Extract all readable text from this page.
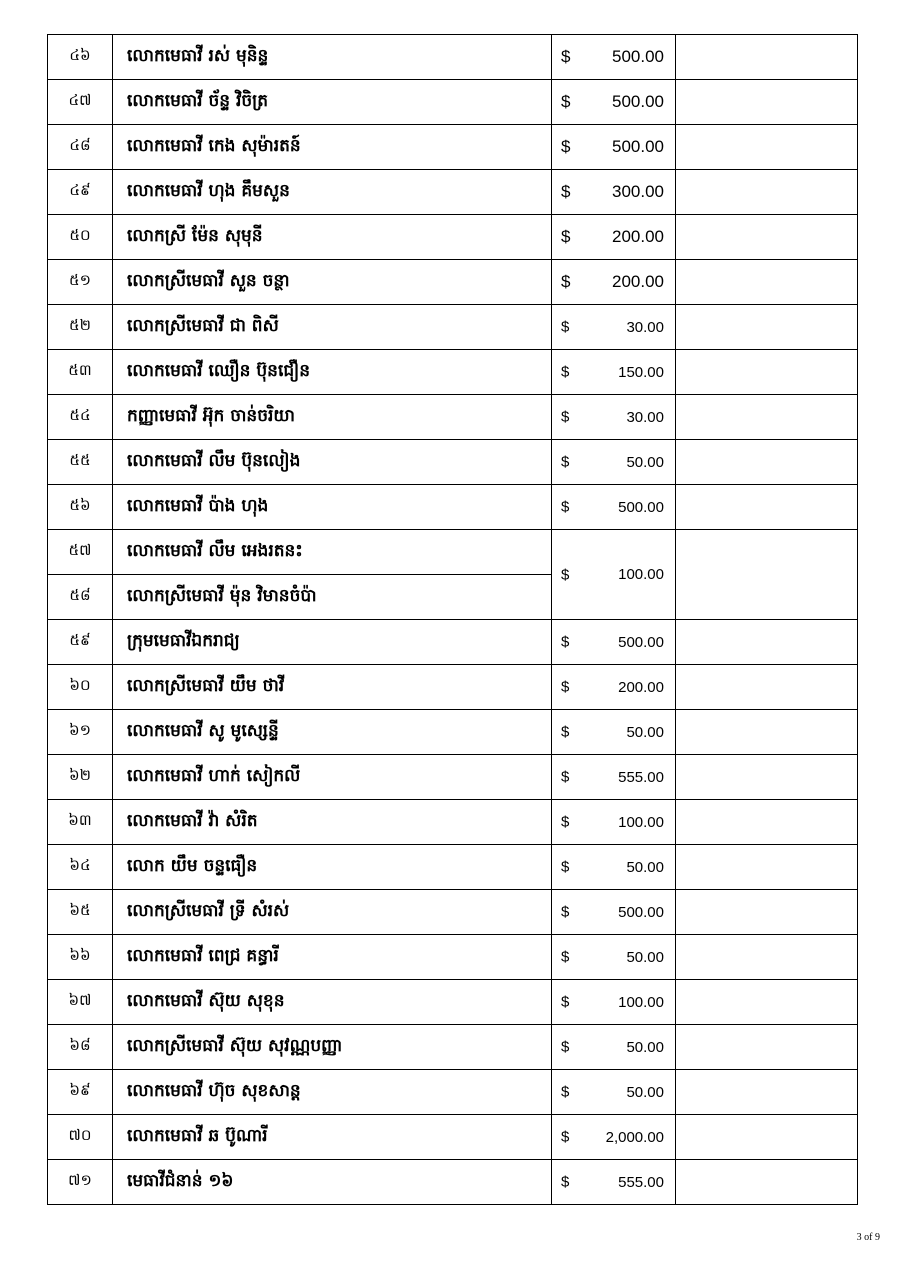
៤៦	លោកមេធាវី រស់ មុនិន្ទ	$ 500.00	

៤៧	លោកមេធាវី ច័ន្ទ វិចិត្រ	$ 500.00	

៤៨	លោកមេធាវី កេង សុម៉ារតន៍	$ 500.00	

៤៩	លោកមេធាវី ហុង គឹមសួន	$ 300.00	

៥០	លោកស្រី ម៉ែន សុមុនី	$ 200.00	

៥១	លោកស្រីមេធាវី សួន ចន្ថា	$ 200.00	

៥២	លោកស្រីមេធាវី ជា ពិសី	$ 30.00	

៥៣	លោកមេធាវី ឈឿន ប៊ុនជឿន	$ 150.00	

៥៤	កញ្ញាមេធាវី អ៊ុក ចាន់ចរិយា	$ 30.00	

៥៥	លោកមេធាវី លឹម ប៊ុនលៀង	$ 50.00	

៥៦	លោកមេធាវី ប៉ាង ហុង	$ 500.00	

៥៧	លោកមេធាវី លឹម អេងរតនះ	$ 100.00	

៥៨	លោកស្រីមេធាវី ម៉ុន វិមានចំប៉ា		
៥៩	ក្រុមមេធាវីឯករាជ្យ	$ 500.00	

៦០	លោកស្រីមេធាវី យឹម ថាវី	$ 200.00	

៦១	លោកមេធាវី សូ មូស្សេន្ទី	$ 50.00	

៦២	លោកមេធាវី ហាក់ សៀកលី	$ 555.00	

៦៣	លោកមេធាវី វ៉ា សំរិត	$ 100.00	

៦៤	លោក យឹម ចន្ទធឿន	$ 50.00	

៦៥	លោកស្រីមេធាវី ទ្រី សំរស់	$ 500.00	

៦៦	លោកមេធាវី ពេជ្រ គន្ធារី	$ 50.00	

៦៧	លោកមេធាវី ស៊ុយ សុខុន	$ 100.00	

៦៨	លោកស្រីមេធាវី ស៊ុយ សុវណ្ណបញ្ញា	$ 50.00	

៦៩	លោកមេធាវី ហ៊ុច សុខសាន្ត	$ 50.00	

៧០	លោកមេធាវី ឆ ប៊ូណារី	$ 2,000.00	

៧១	មេធាវីជំនាន់ ១៦	$ 555.00	

3 of 9
